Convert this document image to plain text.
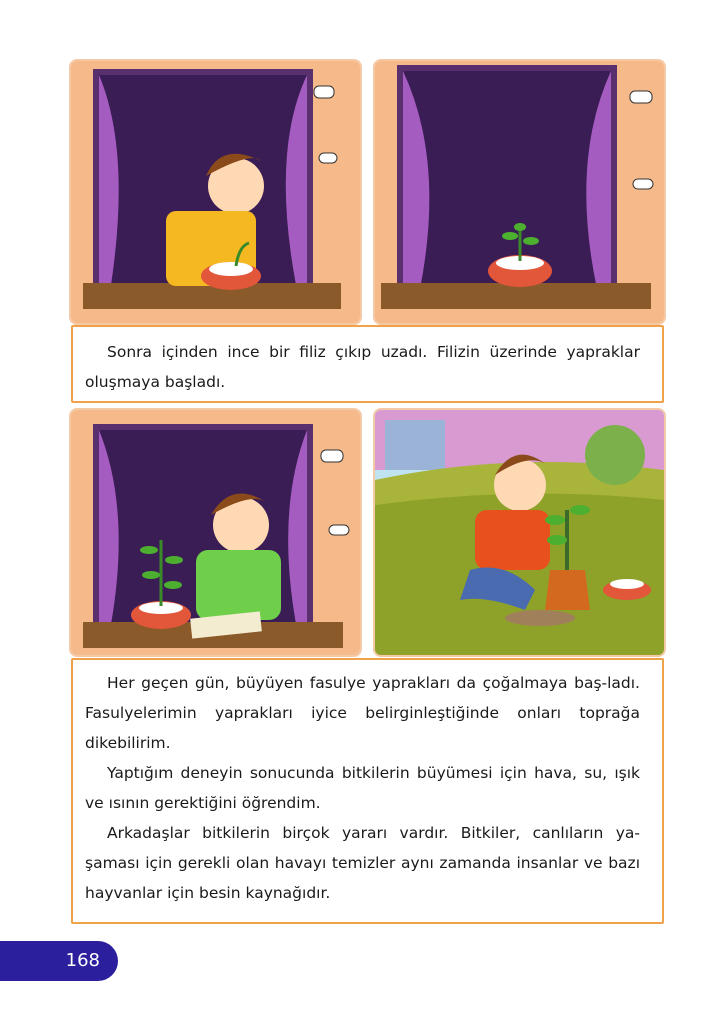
Sonra içinden ince bir filiz çıkıp uzadı. Filizin üzerinde yapraklar oluşmaya başladı.

Her geçen gün, büyüyen fasulye yaprakları da çoğalmaya baş-ladı. Fasulyelerimin yaprakları iyice belirginleştiğinde onları toprağa dikebilirim.

Yaptığım deneyin sonucunda bitkilerin büyümesi için hava, su, ışık ve ısının gerektiğini öğrendim.

Arkadaşlar bitkilerin birçok yararı vardır. Bitkiler, canlıların ya-şaması için gerekli olan havayı temizler aynı zamanda insanlar ve bazı hayvanlar için besin kaynağıdır.

168
